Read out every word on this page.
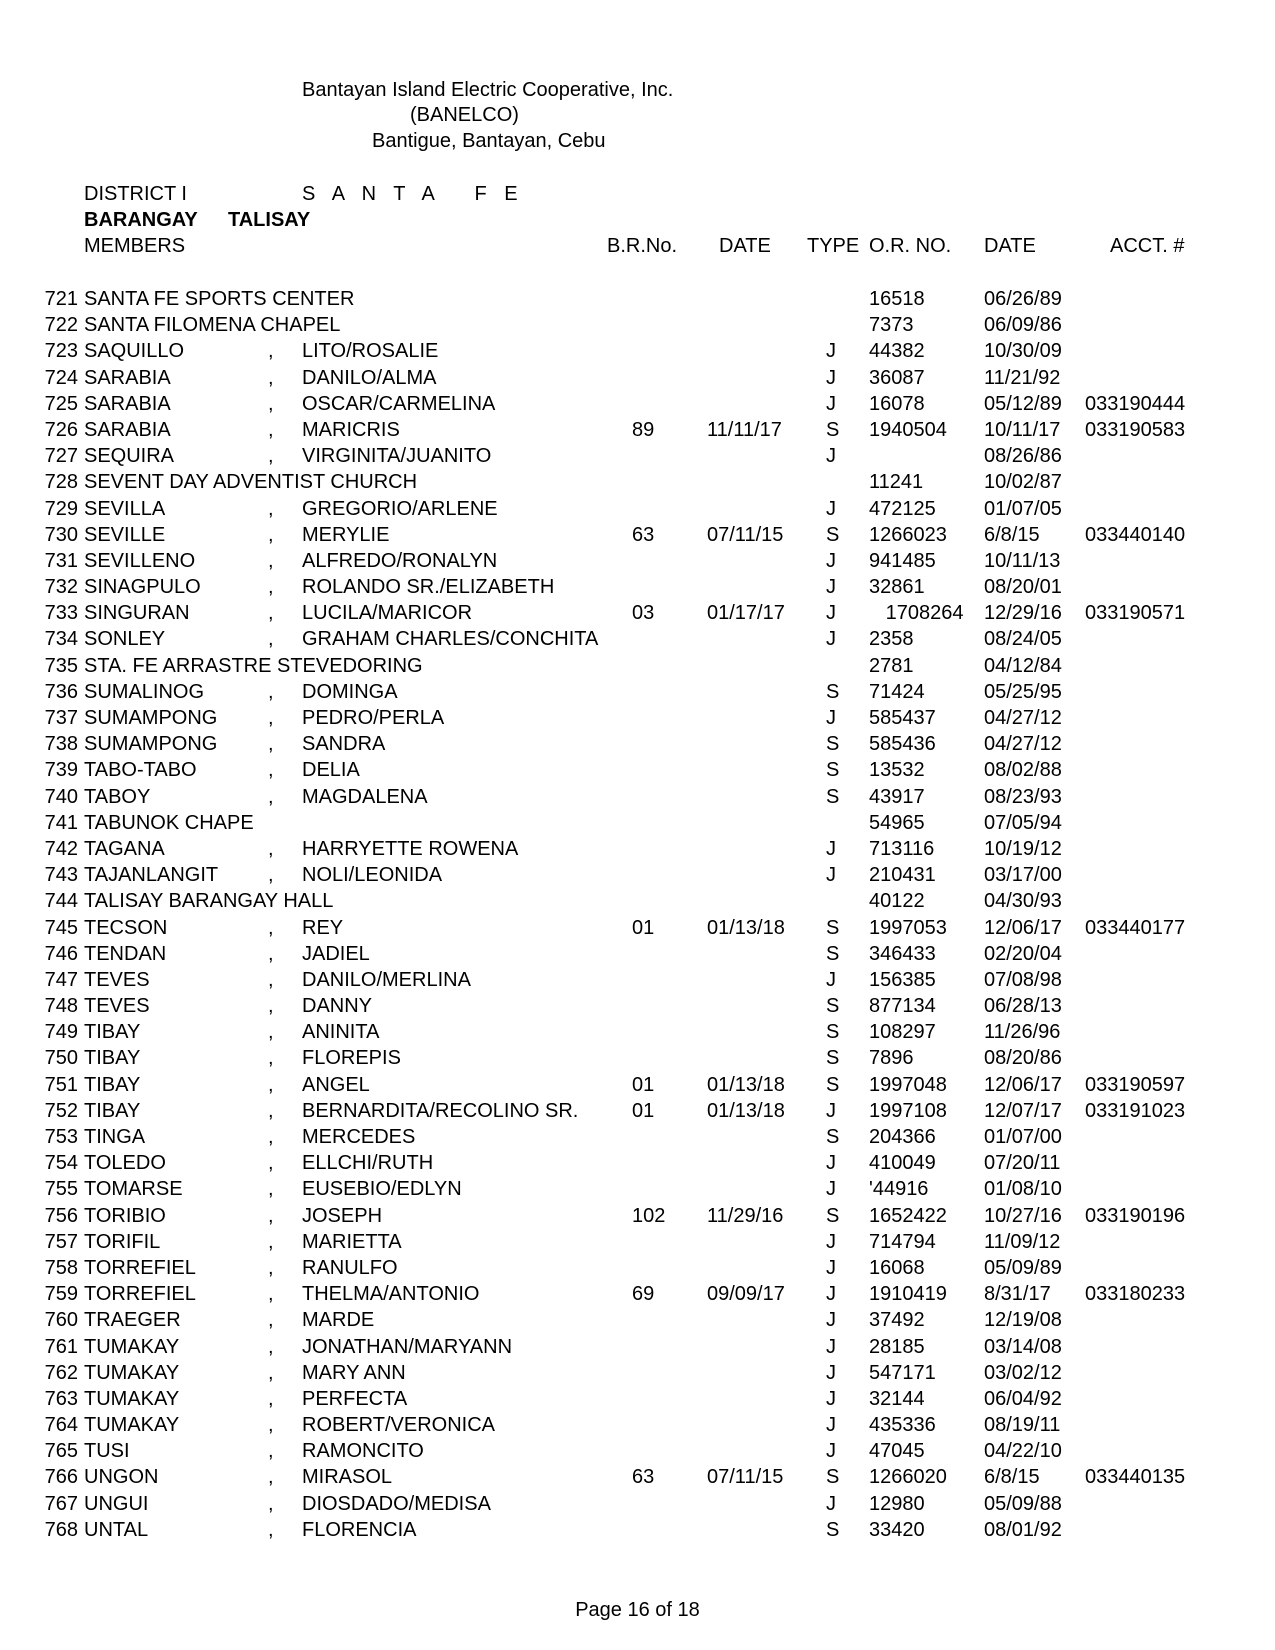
Bantayan Island Electric Cooperative, Inc.
(BANELCO)
Bantigue, Bantayan, Cebu
DISTRICT I	S A N T A   F E
BARANGAY TALISAY
MEMBERS	B.R.No. DATE TYPE O.R. NO. DATE	ACCT. #
721 SANTA FE SPORTS CENTER	16518	06/26/89
722 SANTA FILOMENA CHAPEL	7373	06/09/86
723 SAQUILLO	, LITO/ROSALIE	J 44382	10/30/09
724 SARABIA	, DANILO/ALMA	J 36087	11/21/92
725 SARABIA	, OSCAR/CARMELINA	J 16078	05/12/89 033190444
726 SARABIA	, MARICRIS	89	11/11/17 S 1940504 10/11/17 033190583
727 SEQUIRA	, VIRGINITA/JUANITO	J	08/26/86
728 SEVENT DAY ADVENTIST CHURCH	11241	10/02/87
729 SEVILLA	, GREGORIO/ARLENE	J 472125 01/07/05
730 SEVILLE	, MERYLIE	63	07/11/15 S 1266023 6/8/15 033440140
731 SEVILLENO	, ALFREDO/RONALYN	J 941485 10/11/13
732 SINAGPULO	, ROLANDO SR./ELIZABETH	J 32861	08/20/01
733 SINGURAN	, LUCILA/MARICOR	03	01/17/17 J 1708264 12/29/16 033190571
734 SONLEY	, GRAHAM CHARLES/CONCHITA	J 2358	08/24/05
735 STA. FE ARRASTRE STEVEDORING	2781	04/12/84
736 SUMALINOG	, DOMINGA	S 71424	05/25/95
737 SUMAMPONG	, PEDRO/PERLA	J 585437 04/27/12
738 SUMAMPONG	, SANDRA	S 585436 04/27/12
739 TABO-TABO	, DELIA	S 13532	08/02/88
740 TABOY	, MAGDALENA	S 43917	08/23/93
741 TABUNOK CHAPE	54965	07/05/94
742 TAGANA	, HARRYETTE ROWENA	J 713116 10/19/12
743 TAJANLANGIT , NOLI/LEONIDA	J 210431 03/17/00
744 TALISAY BARANGAY HALL	40122	04/30/93
745 TECSON	, REY	01	01/13/18 S 1997053 12/06/17 033440177
746 TENDAN	, JADIEL	S 346433 02/20/04
747 TEVES	, DANILO/MERLINA	J 156385 07/08/98
748 TEVES	, DANNY	S 877134 06/28/13
749 TIBAY	, ANINITA	S 108297 11/26/96
750 TIBAY	, FLOREPIS	S 7896	08/20/86
751 TIBAY	, ANGEL	01	01/13/18 S 1997048 12/06/17 033190597
752 TIBAY	, BERNARDITA/RECOLINO SR.	01	01/13/18 J 1997108 12/07/17 033191023
753 TINGA	, MERCEDES	S 204366 01/07/00
754 TOLEDO	, ELLCHI/RUTH	J 410049 07/20/11
755 TOMARSE	, EUSEBIO/EDLYN	J '44916	01/08/10
756 TORIBIO	, JOSEPH	102 11/29/16 S 1652422 10/27/16 033190196
757 TORIFIL	, MARIETTA	J 714794 11/09/12
758 TORREFIEL	, RANULFO	J 16068	05/09/89
759 TORREFIEL	, THELMA/ANTONIO	69	09/09/17 J 1910419 8/31/17 033180233
760 TRAEGER	, MARDE	J 37492	12/19/08
761 TUMAKAY	, JONATHAN/MARYANN	J 28185	03/14/08
762 TUMAKAY	, MARY ANN	J 547171 03/02/12
763 TUMAKAY	, PERFECTA	J 32144	06/04/92
764 TUMAKAY	, ROBERT/VERONICA	J 435336 08/19/11
765 TUSI	, RAMONCITO	J 47045	04/22/10
766 UNGON	, MIRASOL	63	07/11/15 S 1266020 6/8/15 033440135
767 UNGUI	, DIOSDADO/MEDISA	J 12980	05/09/88
768 UNTAL	, FLORENCIA	S 33420	08/01/92
Page 16 of 18
